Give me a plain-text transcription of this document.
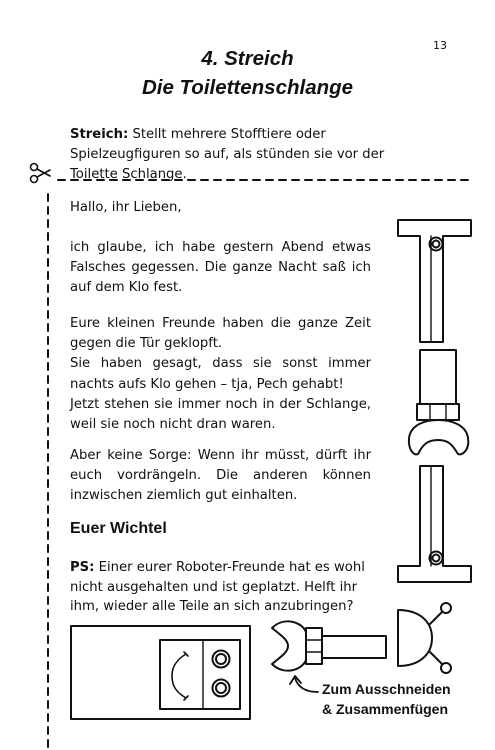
13
4. Streich
Die Toilettenschlange
Streich: Stellt mehrere Stofftiere oder Spielzeugfiguren so auf, als stünden sie vor der Toilette Schlange.

Hallo, ihr Lieben,

ich glaube, ich habe gestern Abend etwas Falsches gegessen. Die ganze Nacht saß ich auf dem Klo fest.

Eure kleinen Freunde haben die ganze Zeit gegen die Tür geklopft.

Sie haben gesagt, dass sie sonst immer nachts aufs Klo gehen – tja, Pech gehabt!

Jetzt stehen sie immer noch in der Schlange, weil sie noch nicht dran waren.

Aber keine Sorge: Wenn ihr müsst, dürft ihr euch vordrängeln. Die anderen können inzwischen ziemlich gut einhalten.

Euer Wichtel
PS: Einer eurer Roboter-Freunde hat es wohl nicht ausgehalten und ist geplatzt. Helft ihr ihm, wieder alle Teile an sich anzubringen?
Zum Ausschneiden
& Zusammenfügen
